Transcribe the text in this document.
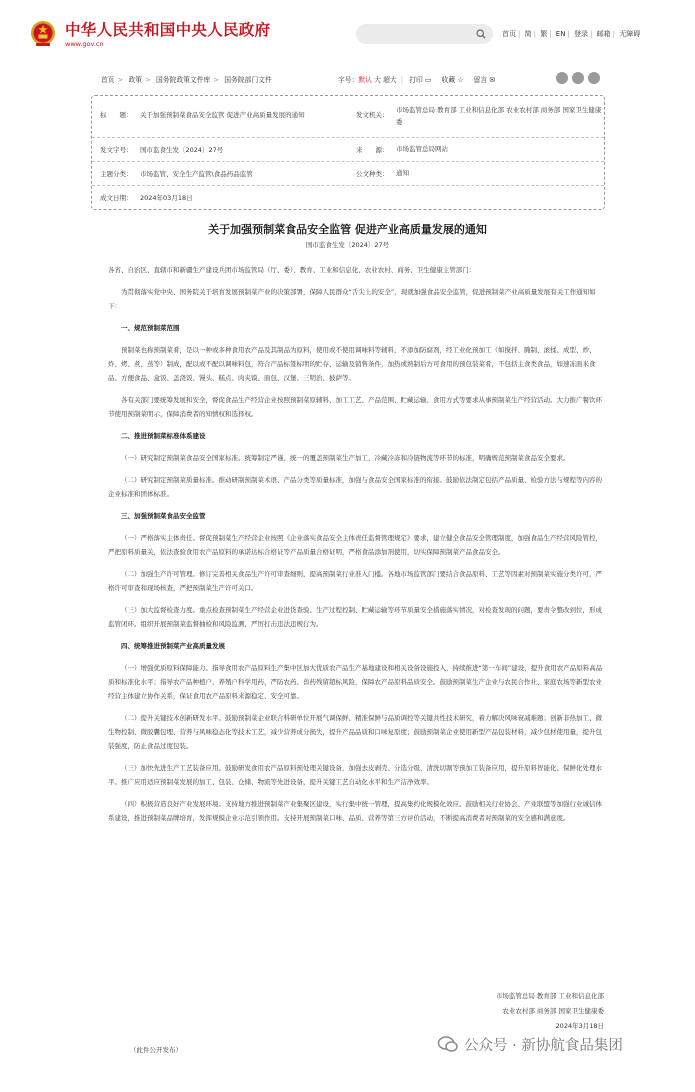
中华人民共和国中央人民政府
www.gov.cn
首页 | 简 | 繁 | EN | 登录 | 邮箱 | 无障碍
首页 > 政策 > 国务院政策文件库 > 国务院部门文件	字号：默认 大 超大 | 打印 ▭ 收藏 ☆ 留言 ✉
标　　题： 关于加强预制菜食品安全监管 促进产业高质量发展的通知	发文机关：
市场监管总局 教育部 工业和信息化部 农业农村部 商务部 国家卫生健康委
发文字号： 国市监食生发〔2024〕27号	来　　源： 市场监管总局网站
主题分类： 市场监管、安全生产监管\食品药品监管	公文种类： 通知
成文日期： 2024年03月18日
关于加强预制菜食品安全监管 促进产业高质量发展的通知
国市监食生发〔2024〕27号

各省、自治区、直辖市和新疆生产建设兵团市场监管局（厅、委）、教育、工业和信息化、农业农村、商务、卫生健康主管部门：

为贯彻落实党中央、国务院关于培育发展预制菜产业的决策部署，保障人民群众“舌尖上的安全”，现就加强食品安全监管，促进预制菜产业高质量发展有关工作通知如下：

一、规范预制菜范围

预制菜也称预制菜肴，是以一种或多种食用农产品及其制品为原料，使用或不使用调味料等辅料，不添加防腐剂，经工业化预加工（如搅拌、腌制、滚揉、成型、炒、炸、烤、煮、蒸等）制成，配以或不配以调味料包，符合产品标签标明的贮存、运输及销售条件，加热或熟制后方可食用的预包装菜肴，不包括主食类食品，如速冻面米食品、方便食品、盒饭、盖浇饭、馒头、糕点、肉夹馍、面包、汉堡、三明治、披萨等。

各有关部门要统筹发展和安全，督促食品生产经营企业按照预制菜原辅料、加工工艺、产品范围、贮藏运输、食用方式等要求从事预制菜生产经营活动。大力推广餐饮环节使用预制菜明示，保障消费者的知情权和选择权。

二、推进预制菜标准体系建设

（一）研究制定预制菜食品安全国家标准。统筹制定严谨、统一的覆盖预制菜生产加工、冷藏冷冻和冷链物流等环节的标准，明确规范预制菜食品安全要求。

（二）研究制定预制菜质量标准。推动研制预制菜术语、产品分类等质量标准，加强与食品安全国家标准的衔接。鼓励依法制定包括产品质量、检验方法与规程等内容的企业标准和团体标准。

三、加强预制菜食品安全监管

（一）严格落实主体责任。督促预制菜生产经营企业按照《企业落实食品安全主体责任监督管理规定》要求，建立健全食品安全管理制度，加强食品生产经营风险管控，严把原料质量关，依法查验食用农产品原料的承诺达标合格证等产品质量合格证明，严格食品添加剂使用，切实保障预制菜产品食品安全。

（二）加强生产许可管理。修订完善相关食品生产许可审查细则，提高预制菜行业准入门槛。各地市场监管部门要结合食品原料、工艺等因素对预制菜实施分类许可，严格许可审查和现场核查，严把预制菜生产许可关口。

（三）加大监督检查力度。重点检查预制菜生产经营企业进货查验、生产过程控制、贮藏运输等环节质量安全措施落实情况，对检查发现的问题，要责令整改到位，形成监管闭环。组织开展预制菜监督抽检和风险监测，严厉打击违法违规行为。

四、统筹推进预制菜产业高质量发展

（一）增强优质原料保障能力。指导食用农产品原料生产集中区加大优质农产品生产基地建设和相关设备设施投入，持续推进“第一车间”建设，提升食用农产品原料高品质和标准化水平；指导农产品种植户、养殖户科学用药，严防农药、兽药残留超标风险，保障农产品原料品质安全。鼓励预制菜生产企业与农民合作社、家庭农场等新型农业经营主体建立协作关系，保证食用农产品原料来源稳定、安全可靠。

（二）提升关键技术创新研发水平。鼓励预制菜企业联合科研单位开展气调保鲜、精准保鲜与品质调控等关键共性技术研究，着力解决风味衰减难题；创新非热加工、微生物控制、微胶囊包埋、营养与风味稳态化等技术工艺，减少营养成分损失，提升产品品质和口味复原度；鼓励预制菜企业使用新型产品包装材料，减少包材使用量，提升包装强度，防止食品过度包装。

（三）加快先进生产工艺装备应用。鼓励研发食用农产品原料预处理关键设备，加强去皮剥壳、分选分级、清洗切割等预加工装备应用，提升原料智能化、保鲜化处理水平。推广应用适应预制菜发展的加工、包装、仓储、物流等先进设备，提升关键工艺自动化水平和生产洁净效率。

（四）积极营造良好产业发展环境。支持地方推进预制菜产业集聚区建设，实行集中统一管理，提高集约化规模化效应。鼓励相关行业协会、产业联盟等加强行业诚信体系建设，推进预制菜品牌培育，发挥规模企业示范引领作用。支持开展预制菜口味、品质、营养等第三方评价活动，不断提高消费者对预制菜的安全感和满意度。

市场监管总局 教育部 工业和信息化部
农业农村部 商务部 国家卫生健康委
2024年3月18日
（此件公开发布）	公众号 · 新协航食品集团
